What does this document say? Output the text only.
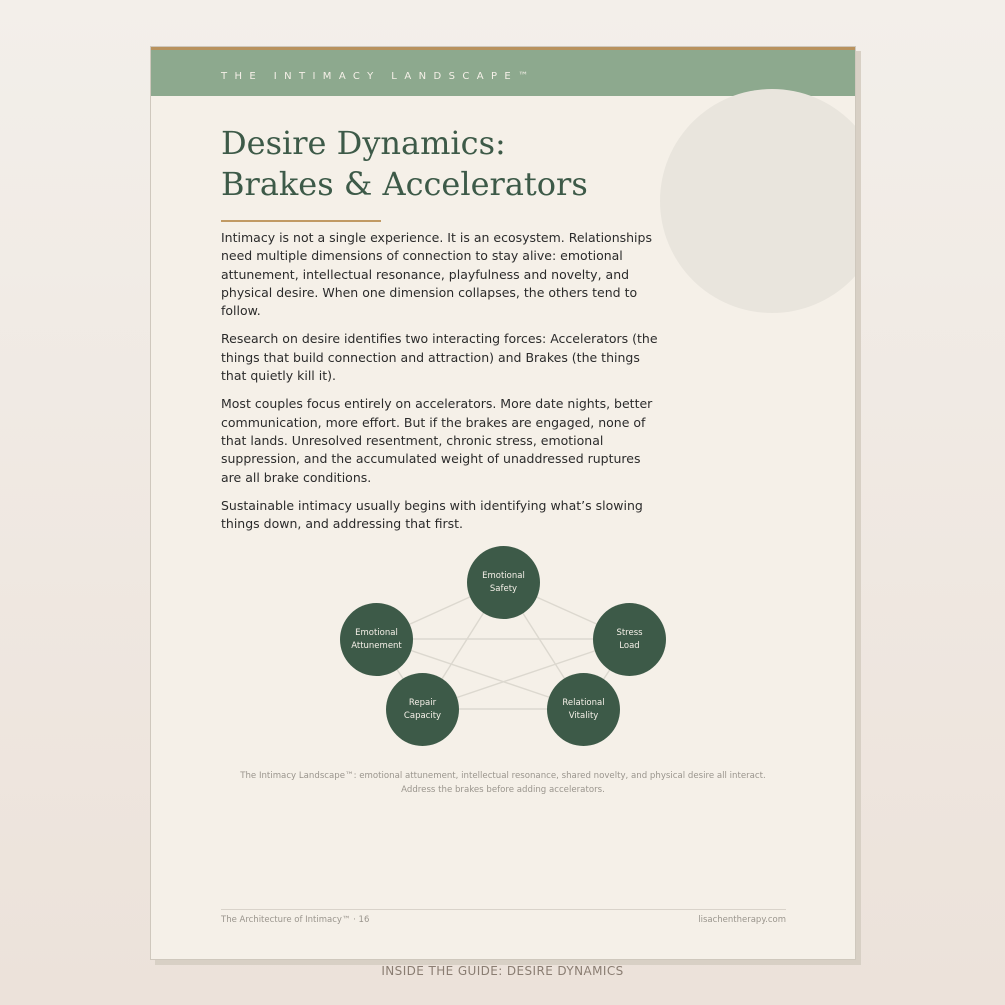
THE INTIMACY LANDSCAPE™
Desire Dynamics:
Brakes & Accelerators

Intimacy is not a single experience. It is an ecosystem. Relationships need multiple dimensions of connection to stay alive: emotional attunement, intellectual resonance, playfulness and novelty, and physical desire. When one dimension collapses, the others tend to follow.

Research on desire identifies two interacting forces: Accelerators (the things that build connection and attraction) and Brakes (the things that quietly kill it).

Most couples focus entirely on accelerators. More date nights, better communication, more effort. But if the brakes are engaged, none of that lands. Unresolved resentment, chronic stress, emotional suppression, and the accumulated weight of unaddressed ruptures are all brake conditions.

Sustainable intimacy usually begins with identifying what’s slowing things down, and addressing that first.

Emotional
Safety
Emotional
Attunement
Stress
Load
Repair
Capacity
Relational
Vitality
The Intimacy Landscape™: emotional attunement, intellectual resonance, shared novelty, and physical desire all interact.
Address the brakes before adding accelerators.
The Architecture of Intimacy™ · 16	lisachentherapy.com
INSIDE THE GUIDE: DESIRE DYNAMICS
